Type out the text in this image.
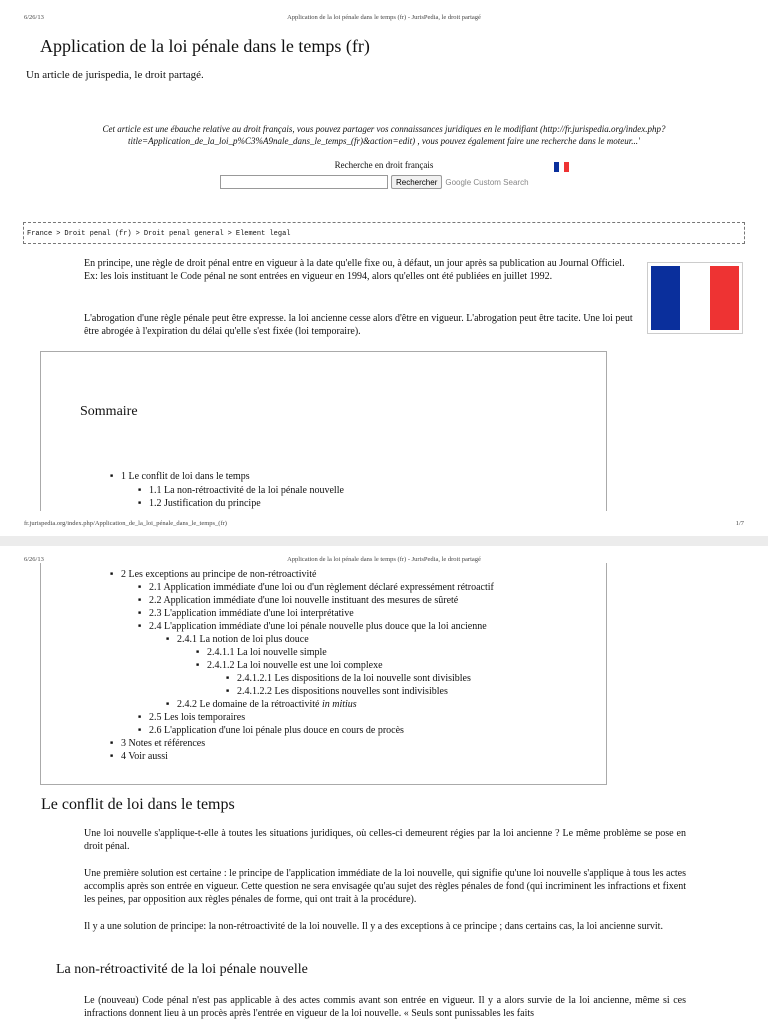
6/26/13	Application de la loi pénale dans le temps (fr) - JurisPedia, le droit partagé
Application de la loi pénale dans le temps (fr)
Un article de jurispedia, le droit partagé.
Cet article est une ébauche relative au droit français, vous pouvez partager vos connaissances juridiques en le modifiant (http://fr.jurispedia.org/index.php?title=Application_de_la_loi_p%C3%A9nale_dans_le_temps_(fr)&action=edit) , vous pouvez également faire une recherche dans le moteur...'
Recherche en droit français
Rechercher	Google Custom Search
France > Droit penal (fr) > Droit penal general > Element legal

En principe, une règle de droit pénal entre en vigueur à la date qu'elle fixe ou, à défaut, un jour après sa publication au Journal Officiel. Ex: les lois instituant le Code pénal ne sont entrées en vigueur en 1994, alors qu'elles ont été publiées en juillet 1992.

L'abrogation d'une règle pénale peut être expresse. la loi ancienne cesse alors d'être en vigueur. L'abrogation peut être tacite. Une loi peut être abrogée à l'expiration du délai qu'elle s'est fixée (loi temporaire).

Sommaire
■ 1 Le conflit de loi dans le temps
■ 1.1 La non-rétroactivité de la loi pénale nouvelle
■ 1.2 Justification du principe
fr.jurispedia.org/index.php/Application_de_la_loi_pénale_dans_le_temps_(fr)	1/7
6/26/13	Application de la loi pénale dans le temps (fr) - JurisPedia, le droit partagé
■ 2 Les exceptions au principe de non-rétroactivité
■ 2.1 Application immédiate d'une loi ou d'un règlement déclaré expressément rétroactif
■ 2.2 Application immédiate d'une loi nouvelle instituant des mesures de sûreté
■ 2.3 L'application immédiate d'une loi interprétative
■ 2.4 L'application immédiate d'une loi pénale nouvelle plus douce que la loi ancienne
■ 2.4.1 La notion de loi plus douce
■ 2.4.1.1 La loi nouvelle simple
■ 2.4.1.2 La loi nouvelle est une loi complexe
■ 2.4.1.2.1 Les dispositions de la loi nouvelle sont divisibles
■ 2.4.1.2.2 Les dispositions nouvelles sont indivisibles
■ 2.4.2 Le domaine de la rétroactivité in mitius
■ 2.5 Les lois temporaires
■ 2.6 L'application d'une loi pénale plus douce en cours de procès
■ 3 Notes et références
■ 4 Voir aussi
Le conflit de loi dans le temps

Une loi nouvelle s'applique-t-elle à toutes les situations juridiques, où celles-ci demeurent régies par la loi ancienne ? Le même problème se pose en droit pénal.

Une première solution est certaine : le principe de l'application immédiate de la loi nouvelle, qui signifie qu'une loi nouvelle s'applique à tous les actes accomplis après son entrée en vigueur. Cette question ne sera envisagée qu'au sujet des règles pénales de fond (qui incriminent les infractions et fixent les peines, par opposition aux règles pénales de forme, qui ont trait à la procédure).

Il y a une solution de principe: la non-rétroactivité de la loi nouvelle. Il y a des exceptions à ce principe ; dans certains cas, la loi ancienne survit.

La non-rétroactivité de la loi pénale nouvelle

Le (nouveau) Code pénal n'est pas applicable à des actes commis avant son entrée en vigueur. Il y a alors survie de la loi ancienne, même si ces infractions donnent lieu à un procès après l'entrée en vigueur de la loi nouvelle. « Seuls sont punissables les faits
